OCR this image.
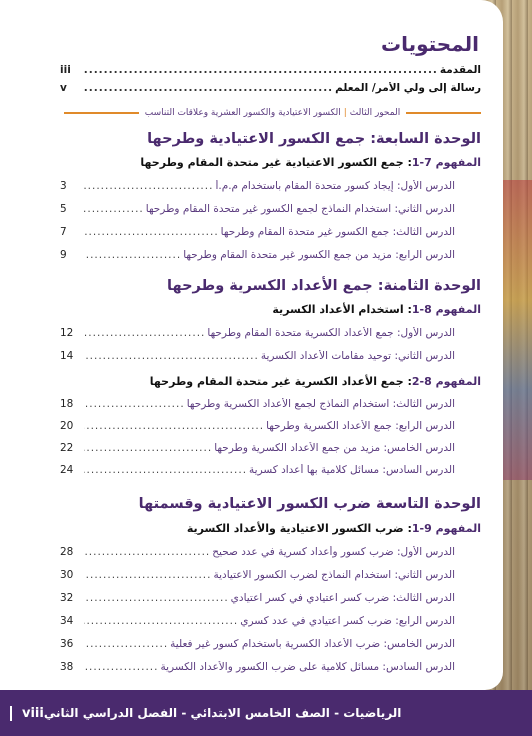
المحتويات
المقدمة
.....
iii
رسالة إلى ولي الأمر/ المعلم
.....
v
المحور الثالث|الكسور الاعتيادية والكسور العشرية وعلاقات التناسب
الوحدة السابعة: جمع الكسور الاعتيادية وطرحها
المفهوم 7-1: جمع الكسور الاعتيادية غير متحدة المقام وطرحها
الدرس الأول: إيجاد كسور متحدة المقام باستخدام م.م.أ
.....
3
الدرس الثاني: استخدام النماذج لجمع الكسور غير متحدة المقام وطرحها
.....
5
الدرس الثالث: جمع الكسور غير متحدة المقام وطرحها
.....
7
الدرس الرابع: مزيد من جمع الكسور غير متحدة المقام وطرحها
.....
9
الوحدة الثامنة: جمع الأعداد الكسرية وطرحها
المفهوم 8-1: استخدام الأعداد الكسرية
الدرس الأول: جمع الأعداد الكسرية متحدة المقام وطرحها
.....
12
الدرس الثاني: توحيد مقامات الأعداد الكسرية
.....
14
المفهوم 8-2: جمع الأعداد الكسرية غير متحدة المقام وطرحها
الدرس الثالث: استخدام النماذج لجمع الأعداد الكسرية وطرحها
.....
18
الدرس الرابع: جمع الأعداد الكسرية وطرحها
.....
20
الدرس الخامس: مزيد من جمع الأعداد الكسرية وطرحها
.....
22
الدرس السادس: مسائل كلامية بها أعداد كسرية
.....
24
الوحدة التاسعة ضرب الكسور الاعتيادية وقسمتها
المفهوم 9-1: ضرب الكسور الاعتيادية والأعداد الكسرية
الدرس الأول: ضرب كسور وأعداد كسرية في عدد صحيح
.....
28
الدرس الثاني: استخدام النماذج لضرب الكسور الاعتيادية
.....
30
الدرس الثالث: ضرب كسر اعتيادي في كسر اعتيادي
.....
32
الدرس الرابع: ضرب كسر اعتيادي في عدد كسري
.....
34
الدرس الخامس: ضرب الأعداد الكسرية باستخدام كسور غير فعلية
.....
36
الدرس السادس: مسائل كلامية على ضرب الكسور والأعداد الكسرية
.....
38
الرياضيات - الصف الخامس الابتدائي - الفصل الدراسي الثاني
viii
